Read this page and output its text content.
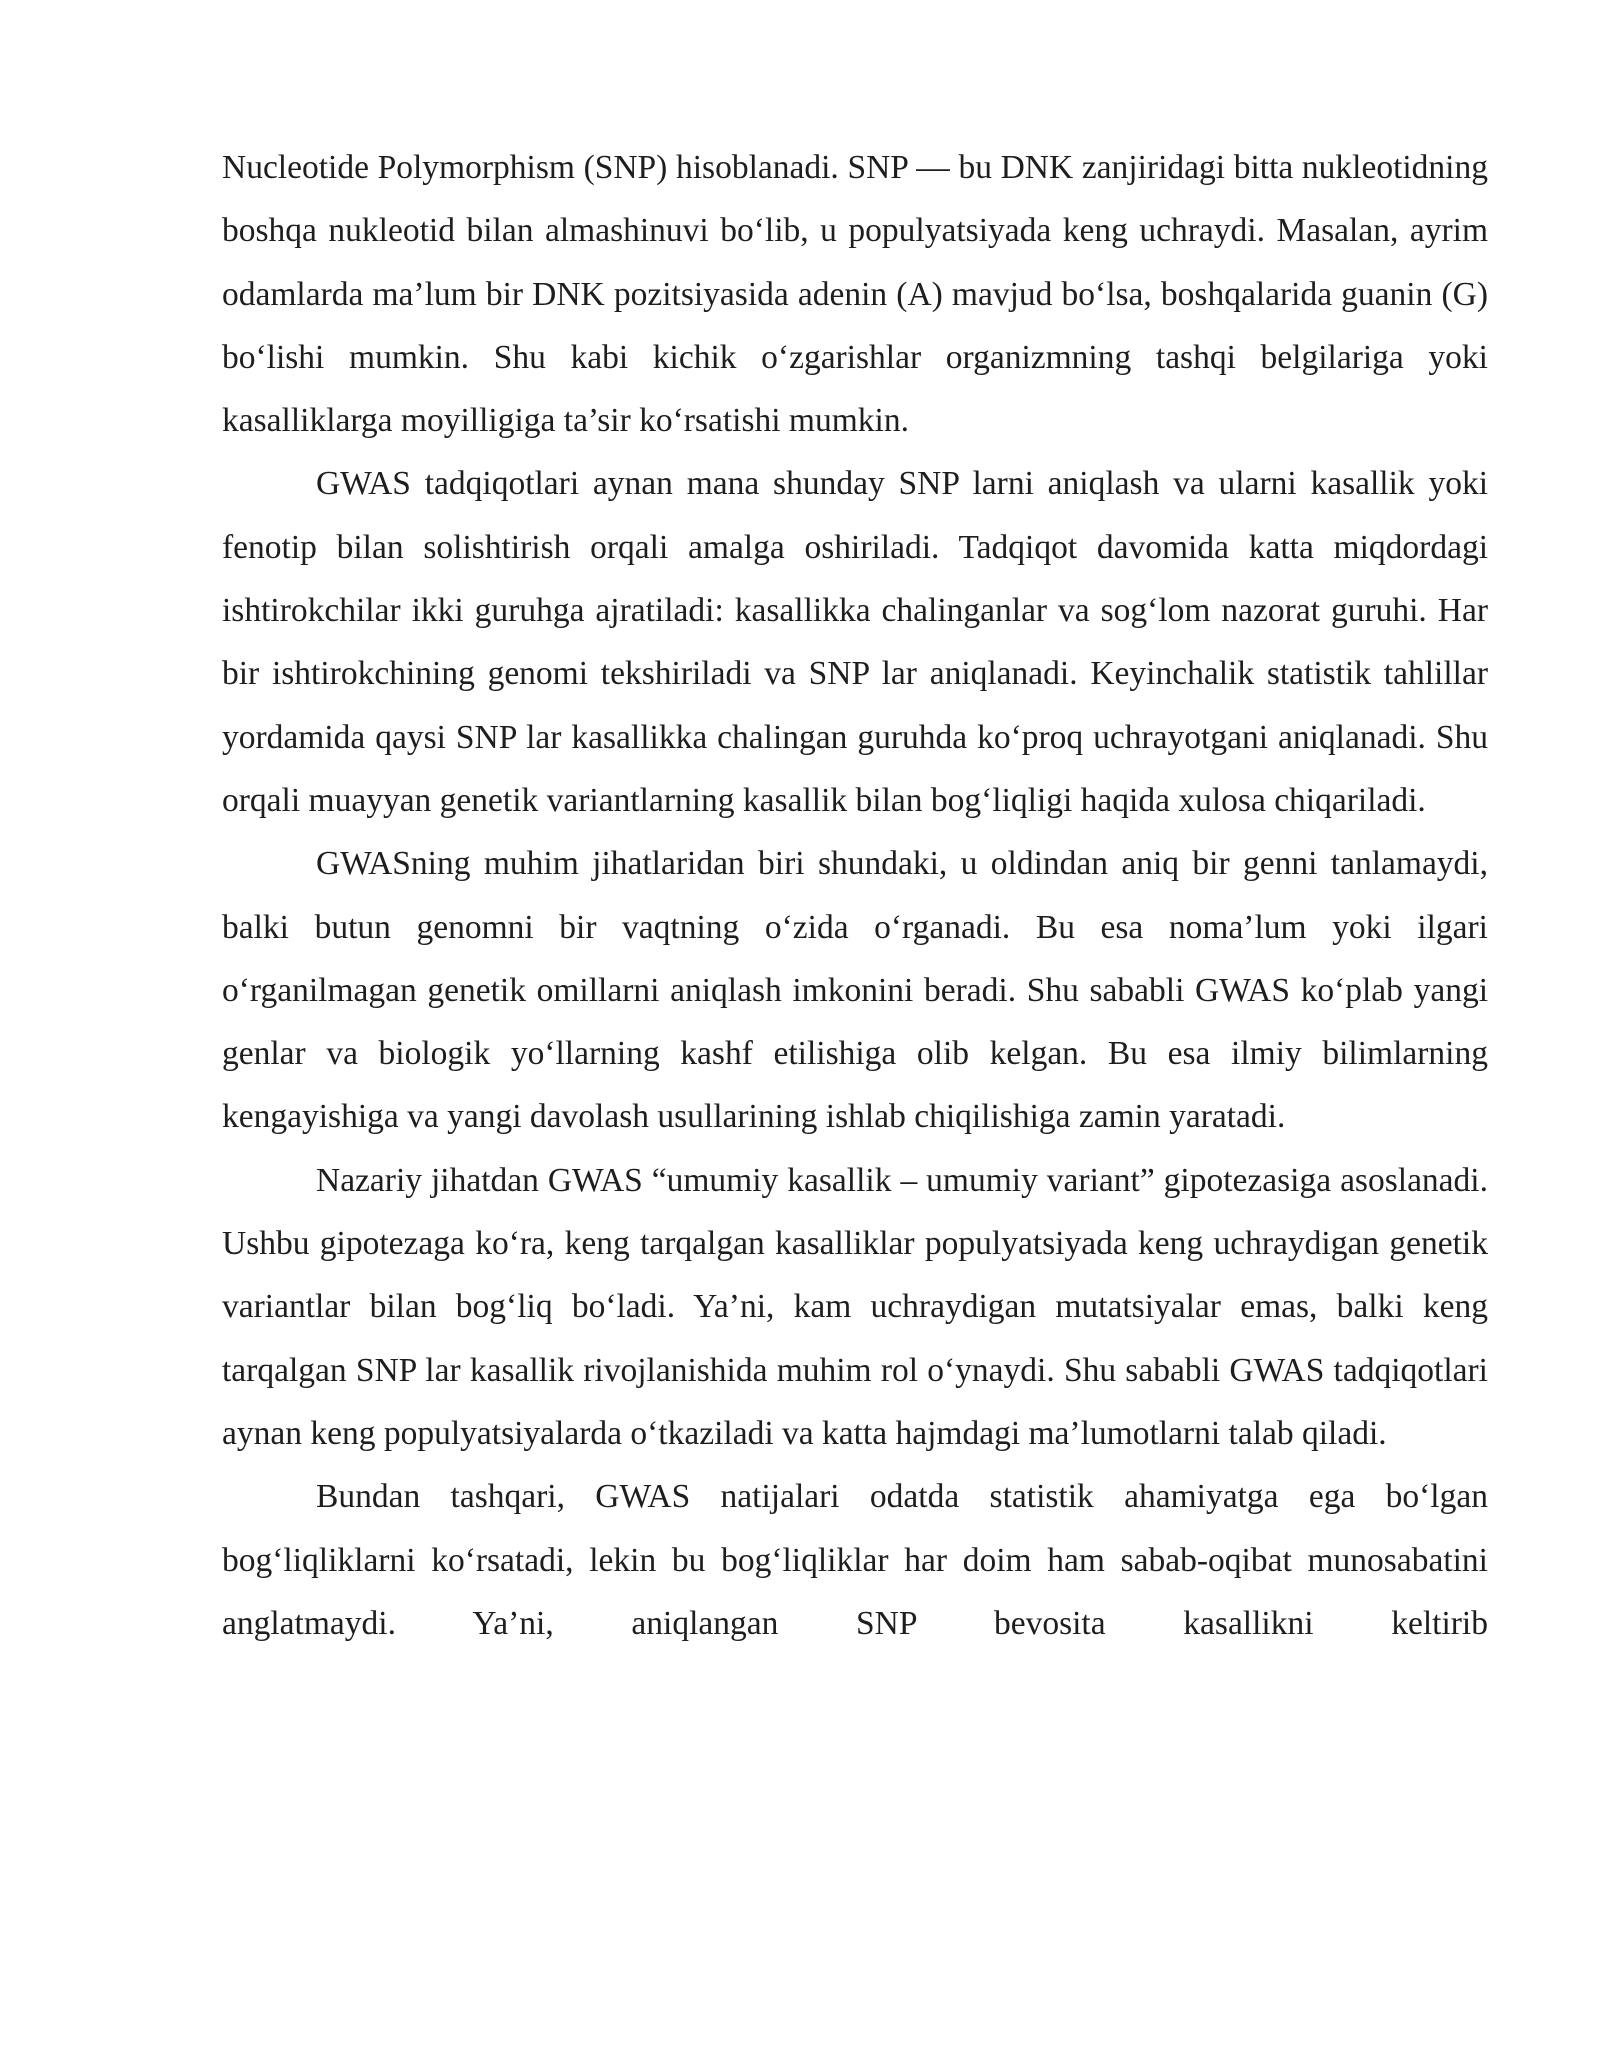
Nucleotide Polymorphism (SNP) hisoblanadi. SNP — bu DNK zanjiridagi bitta nukleotidning boshqa nukleotid bilan almashinuvi bo‘lib, u populyatsiyada keng uchraydi. Masalan, ayrim odamlarda ma’lum bir DNK pozitsiyasida adenin (A) mavjud bo‘lsa, boshqalarida guanin (G) bo‘lishi mumkin. Shu kabi kichik o‘zgarishlar organizmning tashqi belgilariga yoki kasalliklarga moyilligiga ta’sir ko‘rsatishi mumkin.

GWAS tadqiqotlari aynan mana shunday SNP larni aniqlash va ularni kasallik yoki fenotip bilan solishtirish orqali amalga oshiriladi. Tadqiqot davomida katta miqdordagi ishtirokchilar ikki guruhga ajratiladi: kasallikka chalinganlar va sog‘lom nazorat guruhi. Har bir ishtirokchining genomi tekshiriladi va SNP lar aniqlanadi. Keyinchalik statistik tahlillar yordamida qaysi SNP lar kasallikka chalingan guruhda ko‘proq uchrayotgani aniqlanadi. Shu orqali muayyan genetik variantlarning kasallik bilan bog‘liqligi haqida xulosa chiqariladi.

GWASning muhim jihatlaridan biri shundaki, u oldindan aniq bir genni tanlamaydi, balki butun genomni bir vaqtning o‘zida o‘rganadi. Bu esa noma’lum yoki ilgari o‘rganilmagan genetik omillarni aniqlash imkonini beradi. Shu sababli GWAS ko‘plab yangi genlar va biologik yo‘llarning kashf etilishiga olib kelgan. Bu esa ilmiy bilimlarning kengayishiga va yangi davolash usullarining ishlab chiqilishiga zamin yaratadi.

Nazariy jihatdan GWAS “umumiy kasallik – umumiy variant” gipotezasiga asoslanadi. Ushbu gipotezaga ko‘ra, keng tarqalgan kasalliklar populyatsiyada keng uchraydigan genetik variantlar bilan bog‘liq bo‘ladi. Ya’ni, kam uchraydigan mutatsiyalar emas, balki keng tarqalgan SNP lar kasallik rivojlanishida muhim rol o‘ynaydi. Shu sababli GWAS tadqiqotlari aynan keng populyatsiyalarda o‘tkaziladi va katta hajmdagi ma’lumotlarni talab qiladi.

Bundan tashqari, GWAS natijalari odatda statistik ahamiyatga ega bo‘lgan bog‘liqliklarni ko‘rsatadi, lekin bu bog‘liqliklar har doim ham sabab-oqibat munosabatini anglatmaydi. Ya’ni, aniqlangan SNP bevosita kasallikni keltirib
